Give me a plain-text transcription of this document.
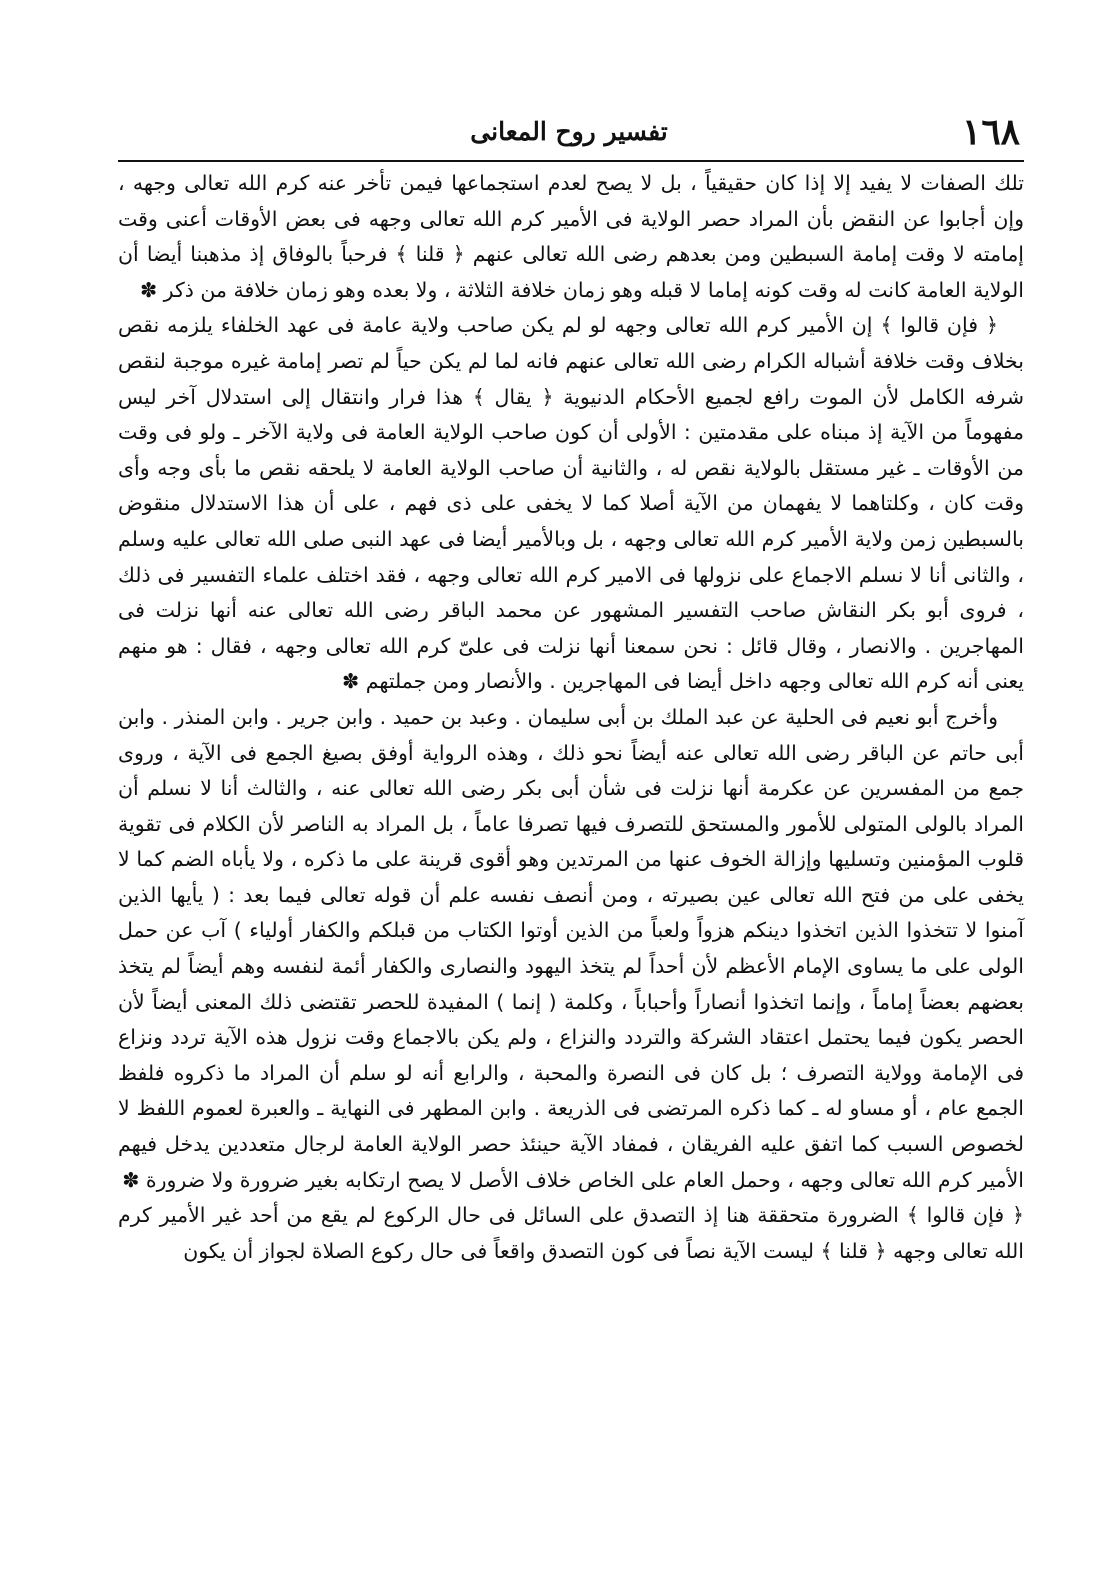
١٦٨
تفسير روح المعانى

تلك الصفات لا يفيد إلا إذا كان حقيقياً ، بل لا يصح لعدم استجماعها فيمن تأخر عنه كرم الله تعالى وجهه ، وإن أجابوا عن النقض بأن المراد حصر الولاية فى الأمير كرم الله تعالى وجهه فى بعض الأوقات أعنى وقت إمامته لا وقت إمامة السبطين ومن بعدهم رضى الله تعالى عنهم ﴿ قلنا ﴾ فرحباً بالوفاق إذ مذهبنا أيضا أن الولاية العامة كانت له وقت كونه إماما لا قبله وهو زمان خلافة الثلاثة ، ولا بعده وهو زمان خلافة من ذكر ‌‌‍✽

﴿ فإن قالوا ﴾ إن الأمير كرم الله تعالى وجهه لو لم يكن صاحب ولاية عامة فى عهد الخلفاء يلزمه نقص بخلاف وقت خلافة أشباله الكرام رضى الله تعالى عنهم فانه لما لم يكن حياً لم تصر إمامة غيره موجبة لنقص شرفه الكامل لأن الموت رافع لجميع الأحكام الدنيوية ﴿ يقال ﴾ هذا فرار وانتقال إلى استدلال آخر ليس مفهوماً من الآية إذ مبناه على مقدمتين : الأولى أن كون صاحب الولاية العامة فى ولاية الآخر ـ ولو فى وقت من الأوقات ـ غير مستقل بالولاية نقص له ، والثانية أن صاحب الولاية العامة لا يلحقه نقص ما بأى وجه وأى وقت كان ، وكلتاهما لا يفهمان من الآية أصلا كما لا يخفى على ذى فهم ، على أن هذا الاستدلال منقوض بالسبطين زمن ولاية الأمير كرم الله تعالى وجهه ، بل وبالأمير أيضا فى عهد النبى صلى الله تعالى عليه وسلم ، والثانى أنا لا نسلم الاجماع على نزولها فى الامير كرم الله تعالى وجهه ، فقد اختلف علماء التفسير فى ذلك ، فروى أبو بكر النقاش صاحب التفسير المشهور عن محمد الباقر رضى الله تعالى عنه أنها نزلت فى المهاجرين . والانصار ، وقال قائل : نحن سمعنا أنها نزلت فى علىّ كرم الله تعالى وجهه ، فقال : هو منهم يعنى أنه كرم الله تعالى وجهه داخل أيضا فى المهاجرين . والأنصار ومن جملتهم ✽

وأخرج أبو نعيم فى الحلية عن عبد الملك بن أبى سليمان . وعبد بن حميد . وابن جرير . وابن المنذر . وابن أبى حاتم عن الباقر رضى الله تعالى عنه أيضاً نحو ذلك ، وهذه الرواية أوفق بصيغ الجمع فى الآية ، وروى جمع من المفسرين عن عكرمة أنها نزلت فى شأن أبى بكر رضى الله تعالى عنه ، والثالث أنا لا نسلم أن المراد بالولى المتولى للأمور والمستحق للتصرف فيها تصرفا عاماً ، بل المراد به الناصر لأن الكلام فى تقوية قلوب المؤمنين وتسليها وإزالة الخوف عنها من المرتدين وهو أقوى قرينة على ما ذكره ، ولا يأباه الضم كما لا يخفى على من فتح الله تعالى عين بصيرته ، ومن أنصف نفسه علم أن قوله تعالى فيما بعد : ( يأيها الذين آمنوا لا تتخذوا الذين اتخذوا دينكم هزواً ولعباً من الذين أوتوا الكتاب من قبلكم والكفار أولياء ) آب عن حمل الولى على ما يساوى الإمام الأعظم لأن أحداً لم يتخذ اليهود والنصارى والكفار أئمة لنفسه وهم أيضاً لم يتخذ بعضهم بعضاً إماماً ، وإنما اتخذوا أنصاراً وأحباباً ، وكلمة ( إنما ) المفيدة للحصر تقتضى ذلك المعنى أيضاً لأن الحصر يكون فيما يحتمل اعتقاد الشركة والتردد والنزاع ، ولم يكن بالاجماع وقت نزول هذه الآية تردد ونزاع فى الإمامة وولاية التصرف ؛ بل كان فى النصرة والمحبة ، والرابع أنه لو سلم أن المراد ما ذكروه فلفظ الجمع عام ، أو مساو له ـ كما ذكره المرتضى فى الذريعة . وابن المطهر فى النهاية ـ والعبرة لعموم اللفظ لا لخصوص السبب كما اتفق عليه الفريقان ، فمفاد الآية حينئذ حصر الولاية العامة لرجال متعددين يدخل فيهم الأمير كرم الله تعالى وجهه ، وحمل العام على الخاص خلاف الأصل لا يصح ارتكابه بغير ضرورة ولا ضرورة ✽

﴿ فإن قالوا ﴾ الضرورة متحققة هنا إذ التصدق على السائل فى حال الركوع لم يقع من أحد غير الأمير كرم الله تعالى وجهه ﴿ قلنا ﴾ ليست الآية نصاً فى كون التصدق واقعاً فى حال ركوع الصلاة لجواز أن يكون
